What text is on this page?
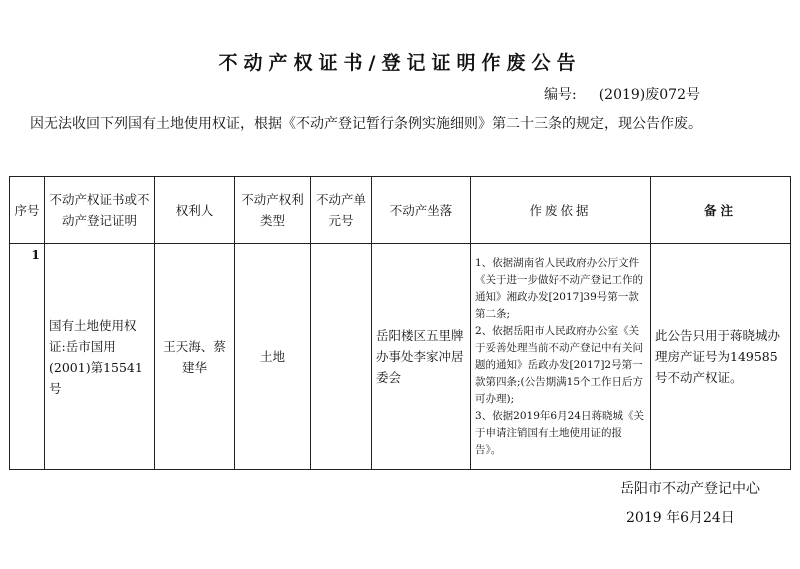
不动产权证书/登记证明作废公告
编号: (2019)废072号
因无法收回下列国有土地使用权证，根据《不动产登记暂行条例实施细则》第二十三条的规定，现公告作废。
序号	不动产权证书或不动产登记证明	权利人	不动产权利类型	不动产单元号	不动产坐落	作废依据	备注
1	国有土地使用权证:岳市国用(2001)第15541号	王天海、蔡建华	土地		岳阳楼区五里牌办事处李家冲居委会	1、依据湖南省人民政府办公厅文件《关于进一步做好不动产登记工作的通知》湘政办发[2017]39号第一款第二条;

2、依据岳阳市人民政府办公室《关于妥善处理当前不动产登记中有关问题的通知》岳政办发[2017]2号第一款第四条;(公告期满15个工作日后方可办理);

3、依据2019年6月24日蒋晓城《关于申请注销国有土地使用证的报告》。	此公告只用于蒋晓城办理房产证号为149585号不动产权证。
岳阳市不动产登记中心
2019 年6月24日
